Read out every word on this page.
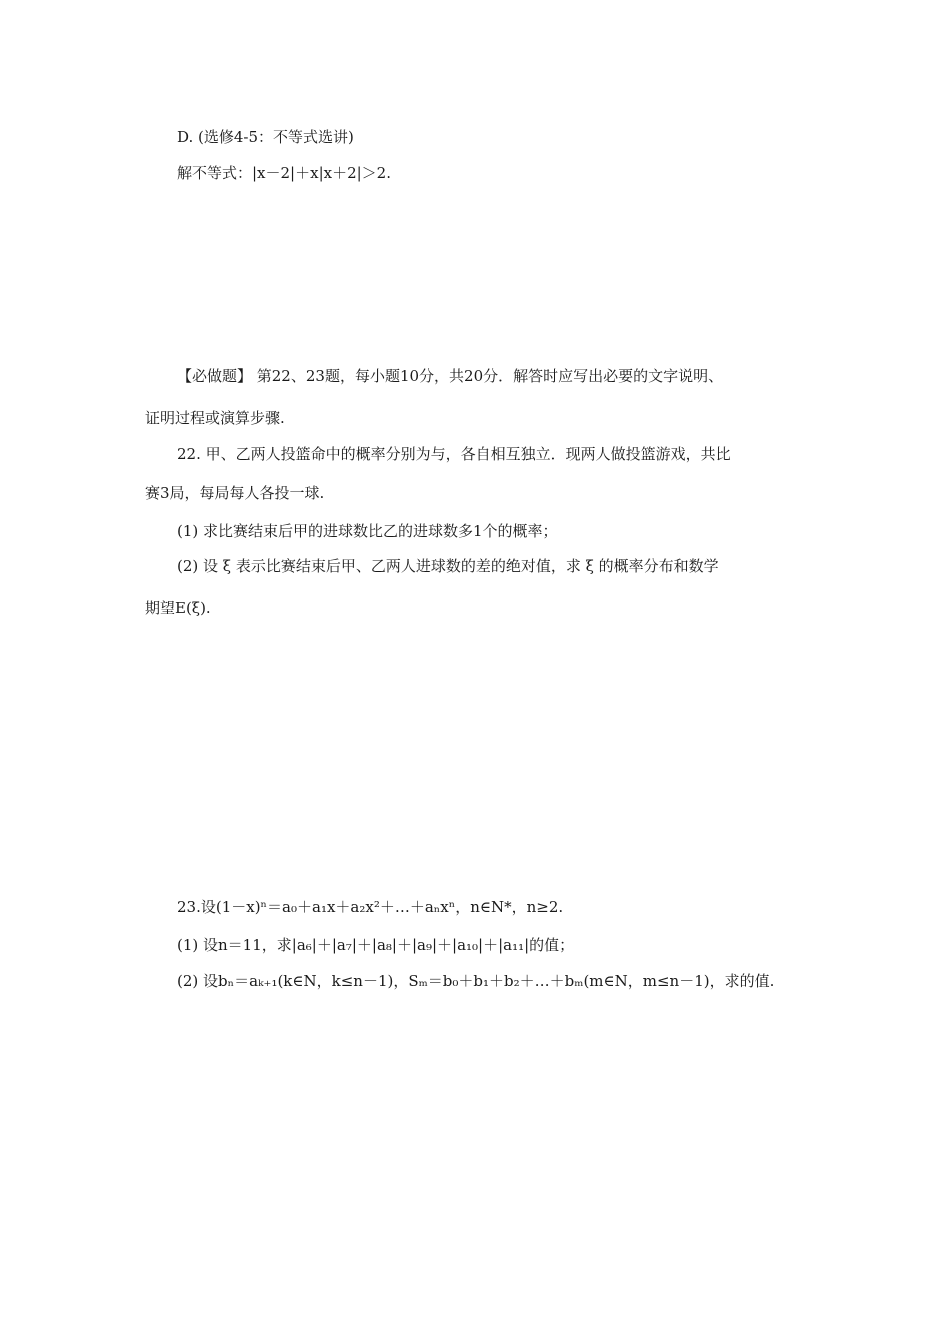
D. (选修4-5：不等式选讲)
解不等式：|x－2|＋x|x＋2|＞2.
【必做题】 第22、23题，每小题10分，共20分．解答时应写出必要的文字说明、
证明过程或演算步骤.
22. 甲、乙两人投篮命中的概率分别为与，各自相互独立．现两人做投篮游戏，共比
赛3局，每局每人各投一球.
(1) 求比赛结束后甲的进球数比乙的进球数多1个的概率；
(2) 设 ξ 表示比赛结束后甲、乙两人进球数的差的绝对值，求 ξ 的概率分布和数学
期望E(ξ).
23.设(1－x)ⁿ＝a₀＋a₁x＋a₂x²＋…＋aₙxⁿ，n∈N*，n≥2.
(1) 设n＝11，求|a₆|＋|a₇|＋|a₈|＋|a₉|＋|a₁₀|＋|a₁₁|的值；
(2) 设bₙ＝aₖ₊₁(k∈N，k≤n－1)，Sₘ＝b₀＋b₁＋b₂＋…＋bₘ(m∈N，m≤n－1)，求的值.
